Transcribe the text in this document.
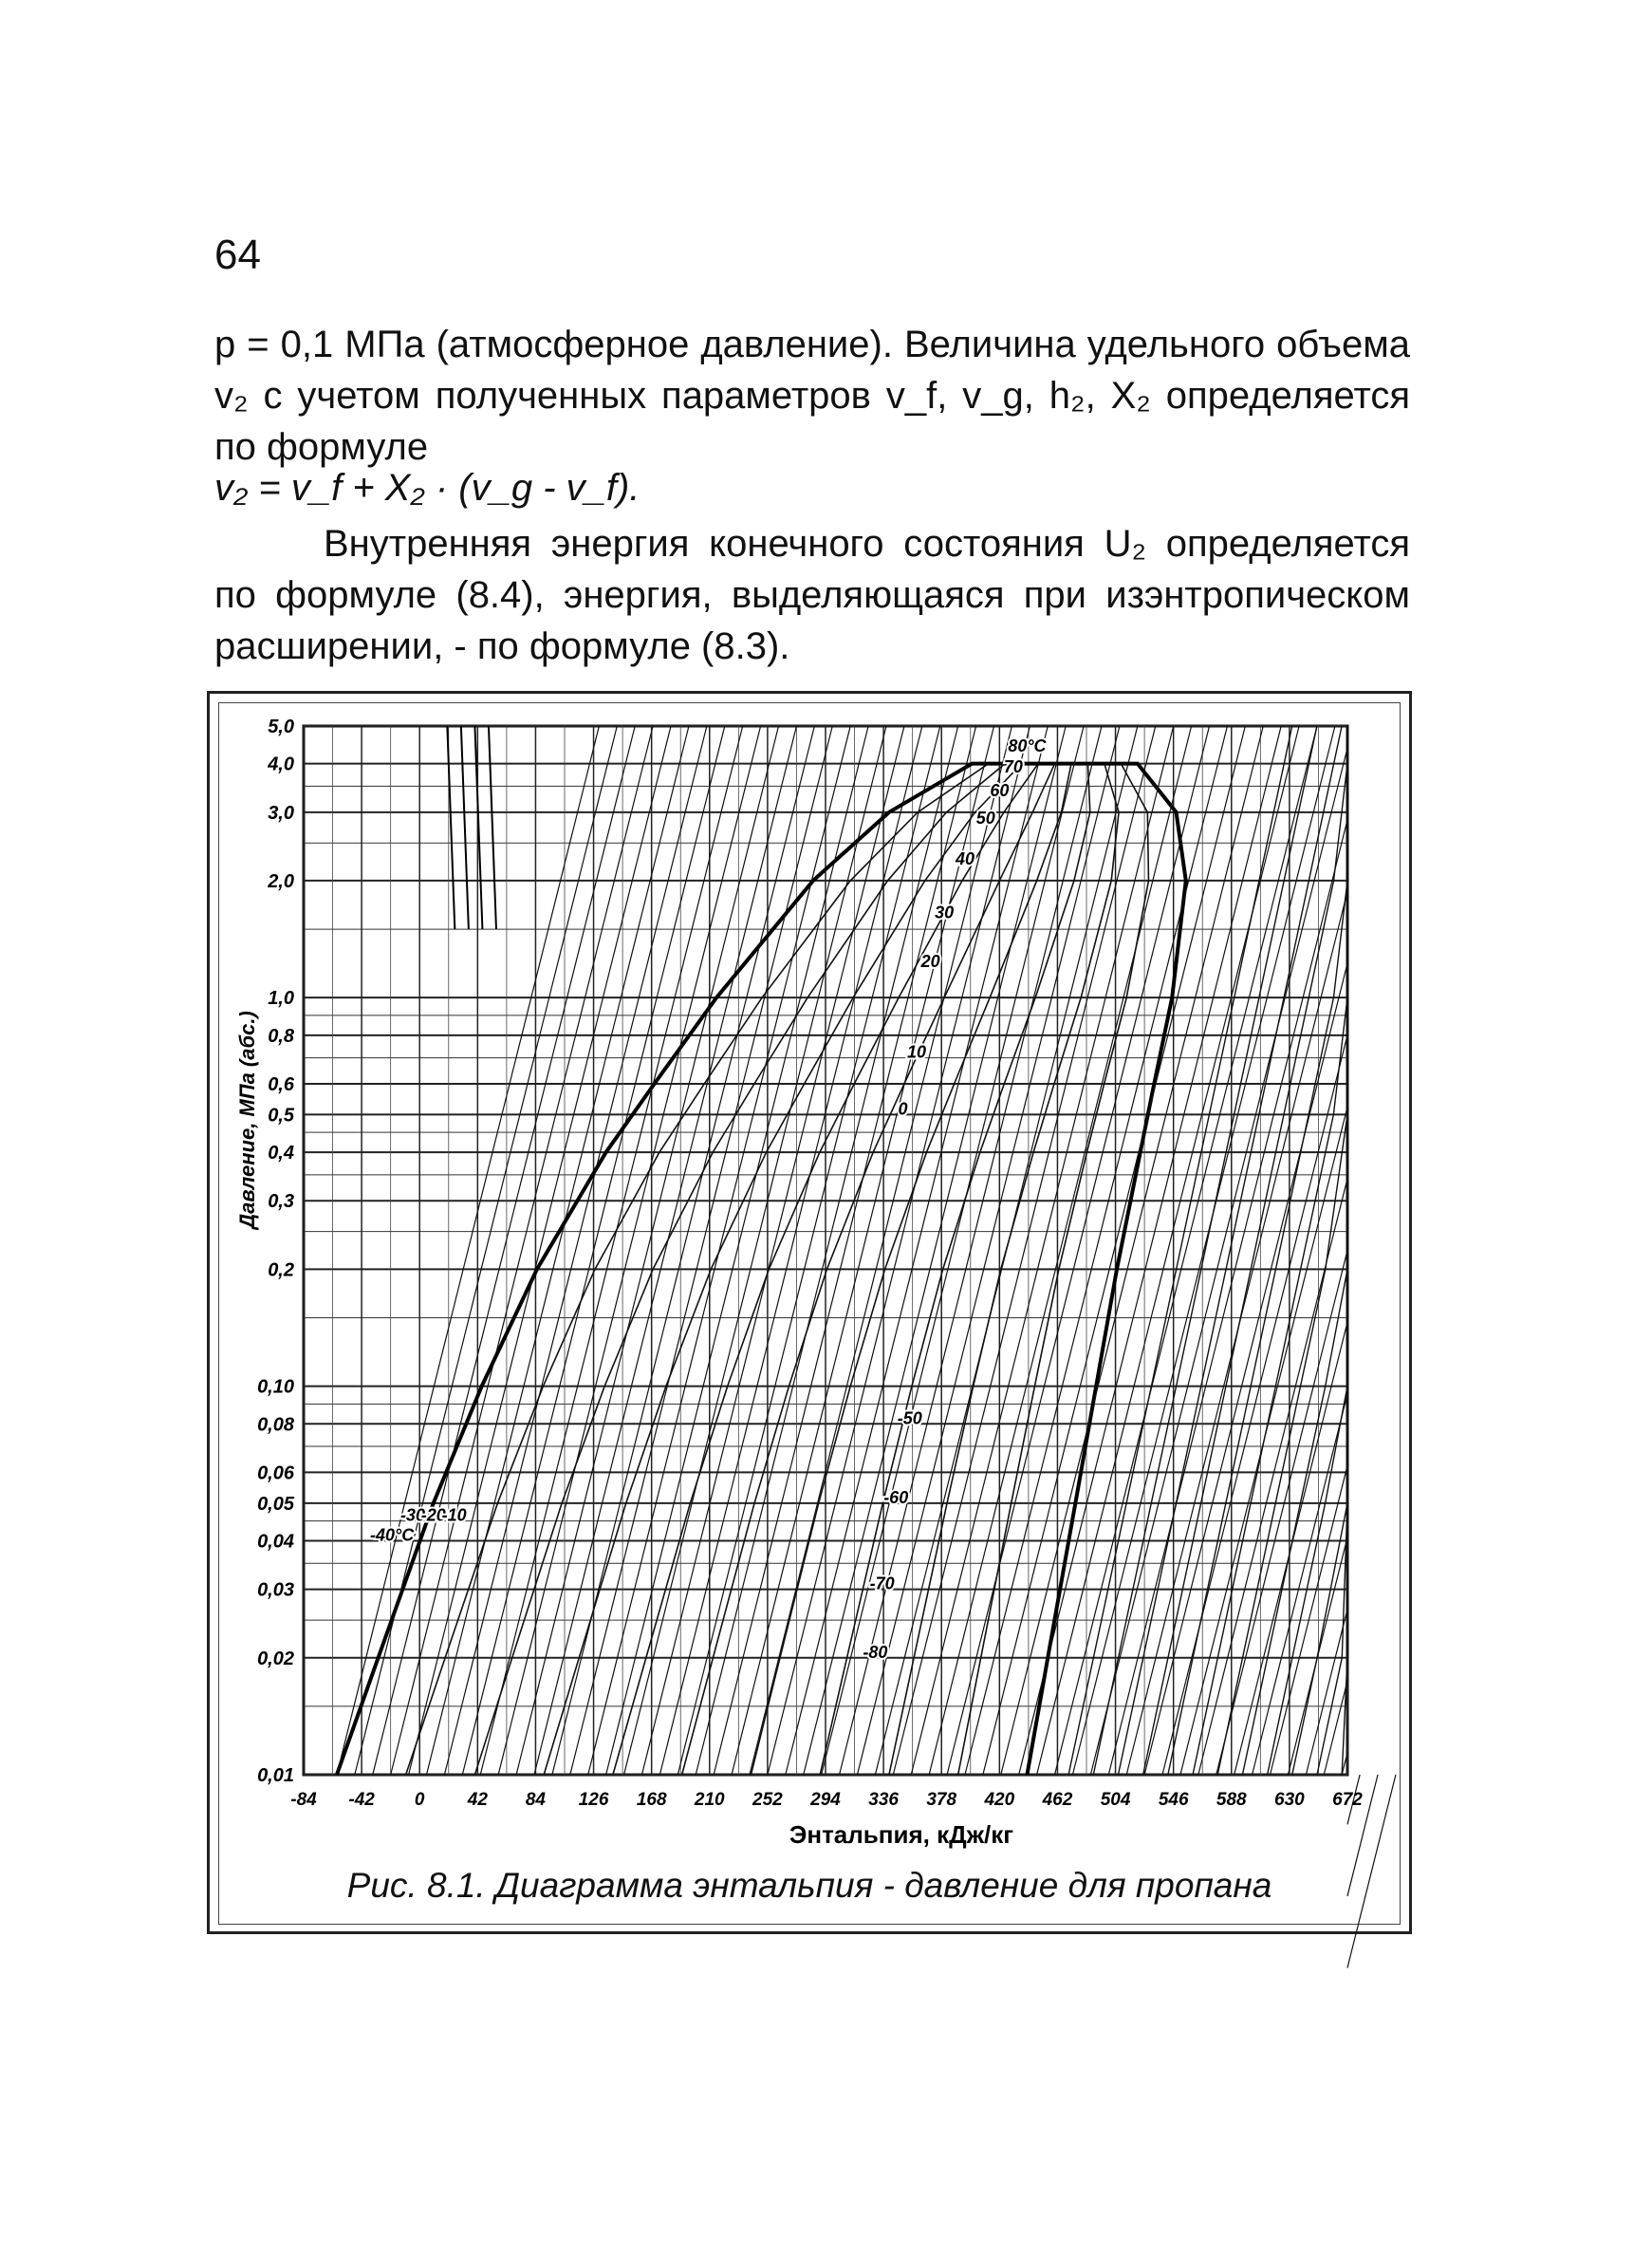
64
р = 0,1 МПа (атмосферное давление). Величина удельного объема v₂ с учетом полученных параметров v_f, v_g, h₂, X₂ определяется по формуле
v₂ = v_f + X₂ · (v_g - v_f).
Внутренняя энергия конечного состояния U₂ определяется по формуле (8.4), энергия, выделяющаяся при изэнтропическом расширении, - по формуле (8.3).
-40°C
-30
-20
-10
0
10
20
30
40
50
60
70
80°C
-50
-60
-70
-80
5,0
4,0
3,0
2,0
1,0
0,8
0,6
0,5
0,4
0,3
0,2
0,10
0,08
0,06
0,05
0,04
0,03
0,02
0,01
-84 -42 0 42 84 126 168 210 252 294 336 378 420 462 504 546 588 630 672
Давление, МПа (абс.)
Энтальпия, кДж/кг
Рис. 8.1. Диаграмма энтальпия - давление для пропана
